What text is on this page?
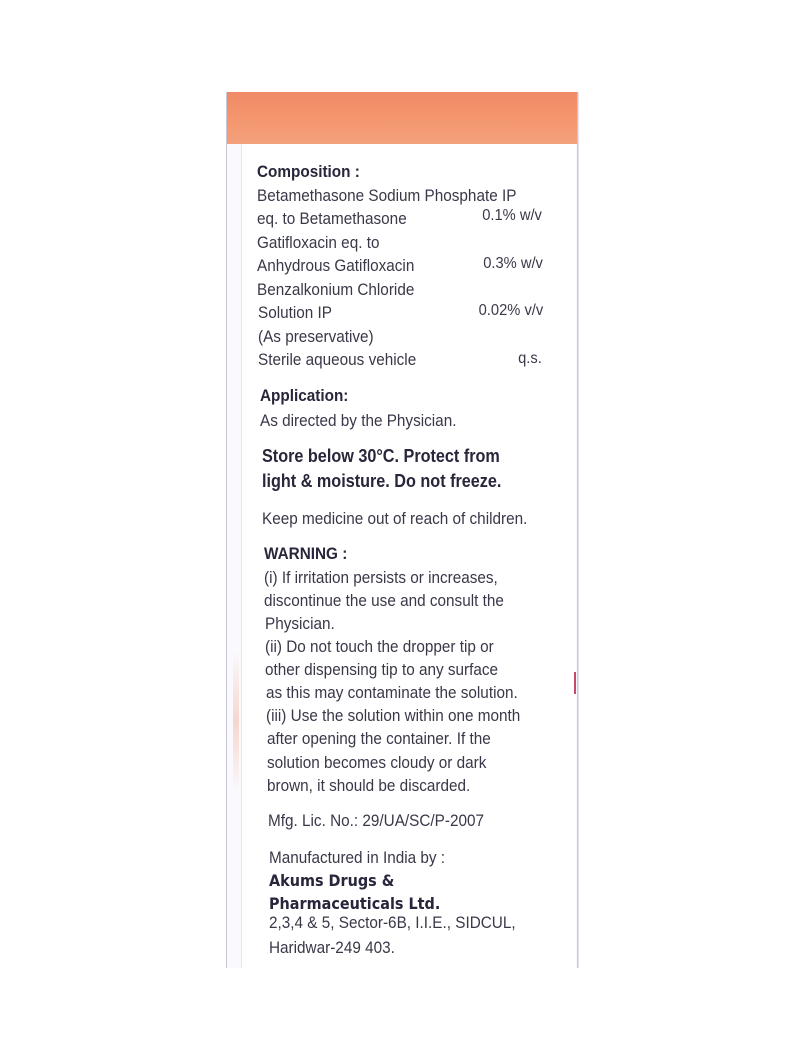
Composition :
Betamethasone Sodium Phosphate IP
eq. to Betamethasone	0.1% w/v
Gatifloxacin eq. to
Anhydrous Gatifloxacin	0.3% w/v
Benzalkonium Chloride
Solution IP	0.02% v/v
(As preservative)
Sterile aqueous vehicle	q.s.
Application:
As directed by the Physician.
Store below 30°C. Protect from
light & moisture. Do not freeze.
Keep medicine out of reach of children.
WARNING :
(i) If irritation persists or increases,
discontinue the use and consult the
Physician.
(ii) Do not touch the dropper tip or
other dispensing tip to any surface
as this may contaminate the solution.
(iii) Use the solution within one month
after opening the container. If the
solution becomes cloudy or dark
brown, it should be discarded.
Mfg. Lic. No.: 29/UA/SC/P-2007
Manufactured in India by :
Akums Drugs &
Pharmaceuticals Ltd.
2,3,4 & 5, Sector-6B, I.I.E., SIDCUL,
Haridwar-249 403.
